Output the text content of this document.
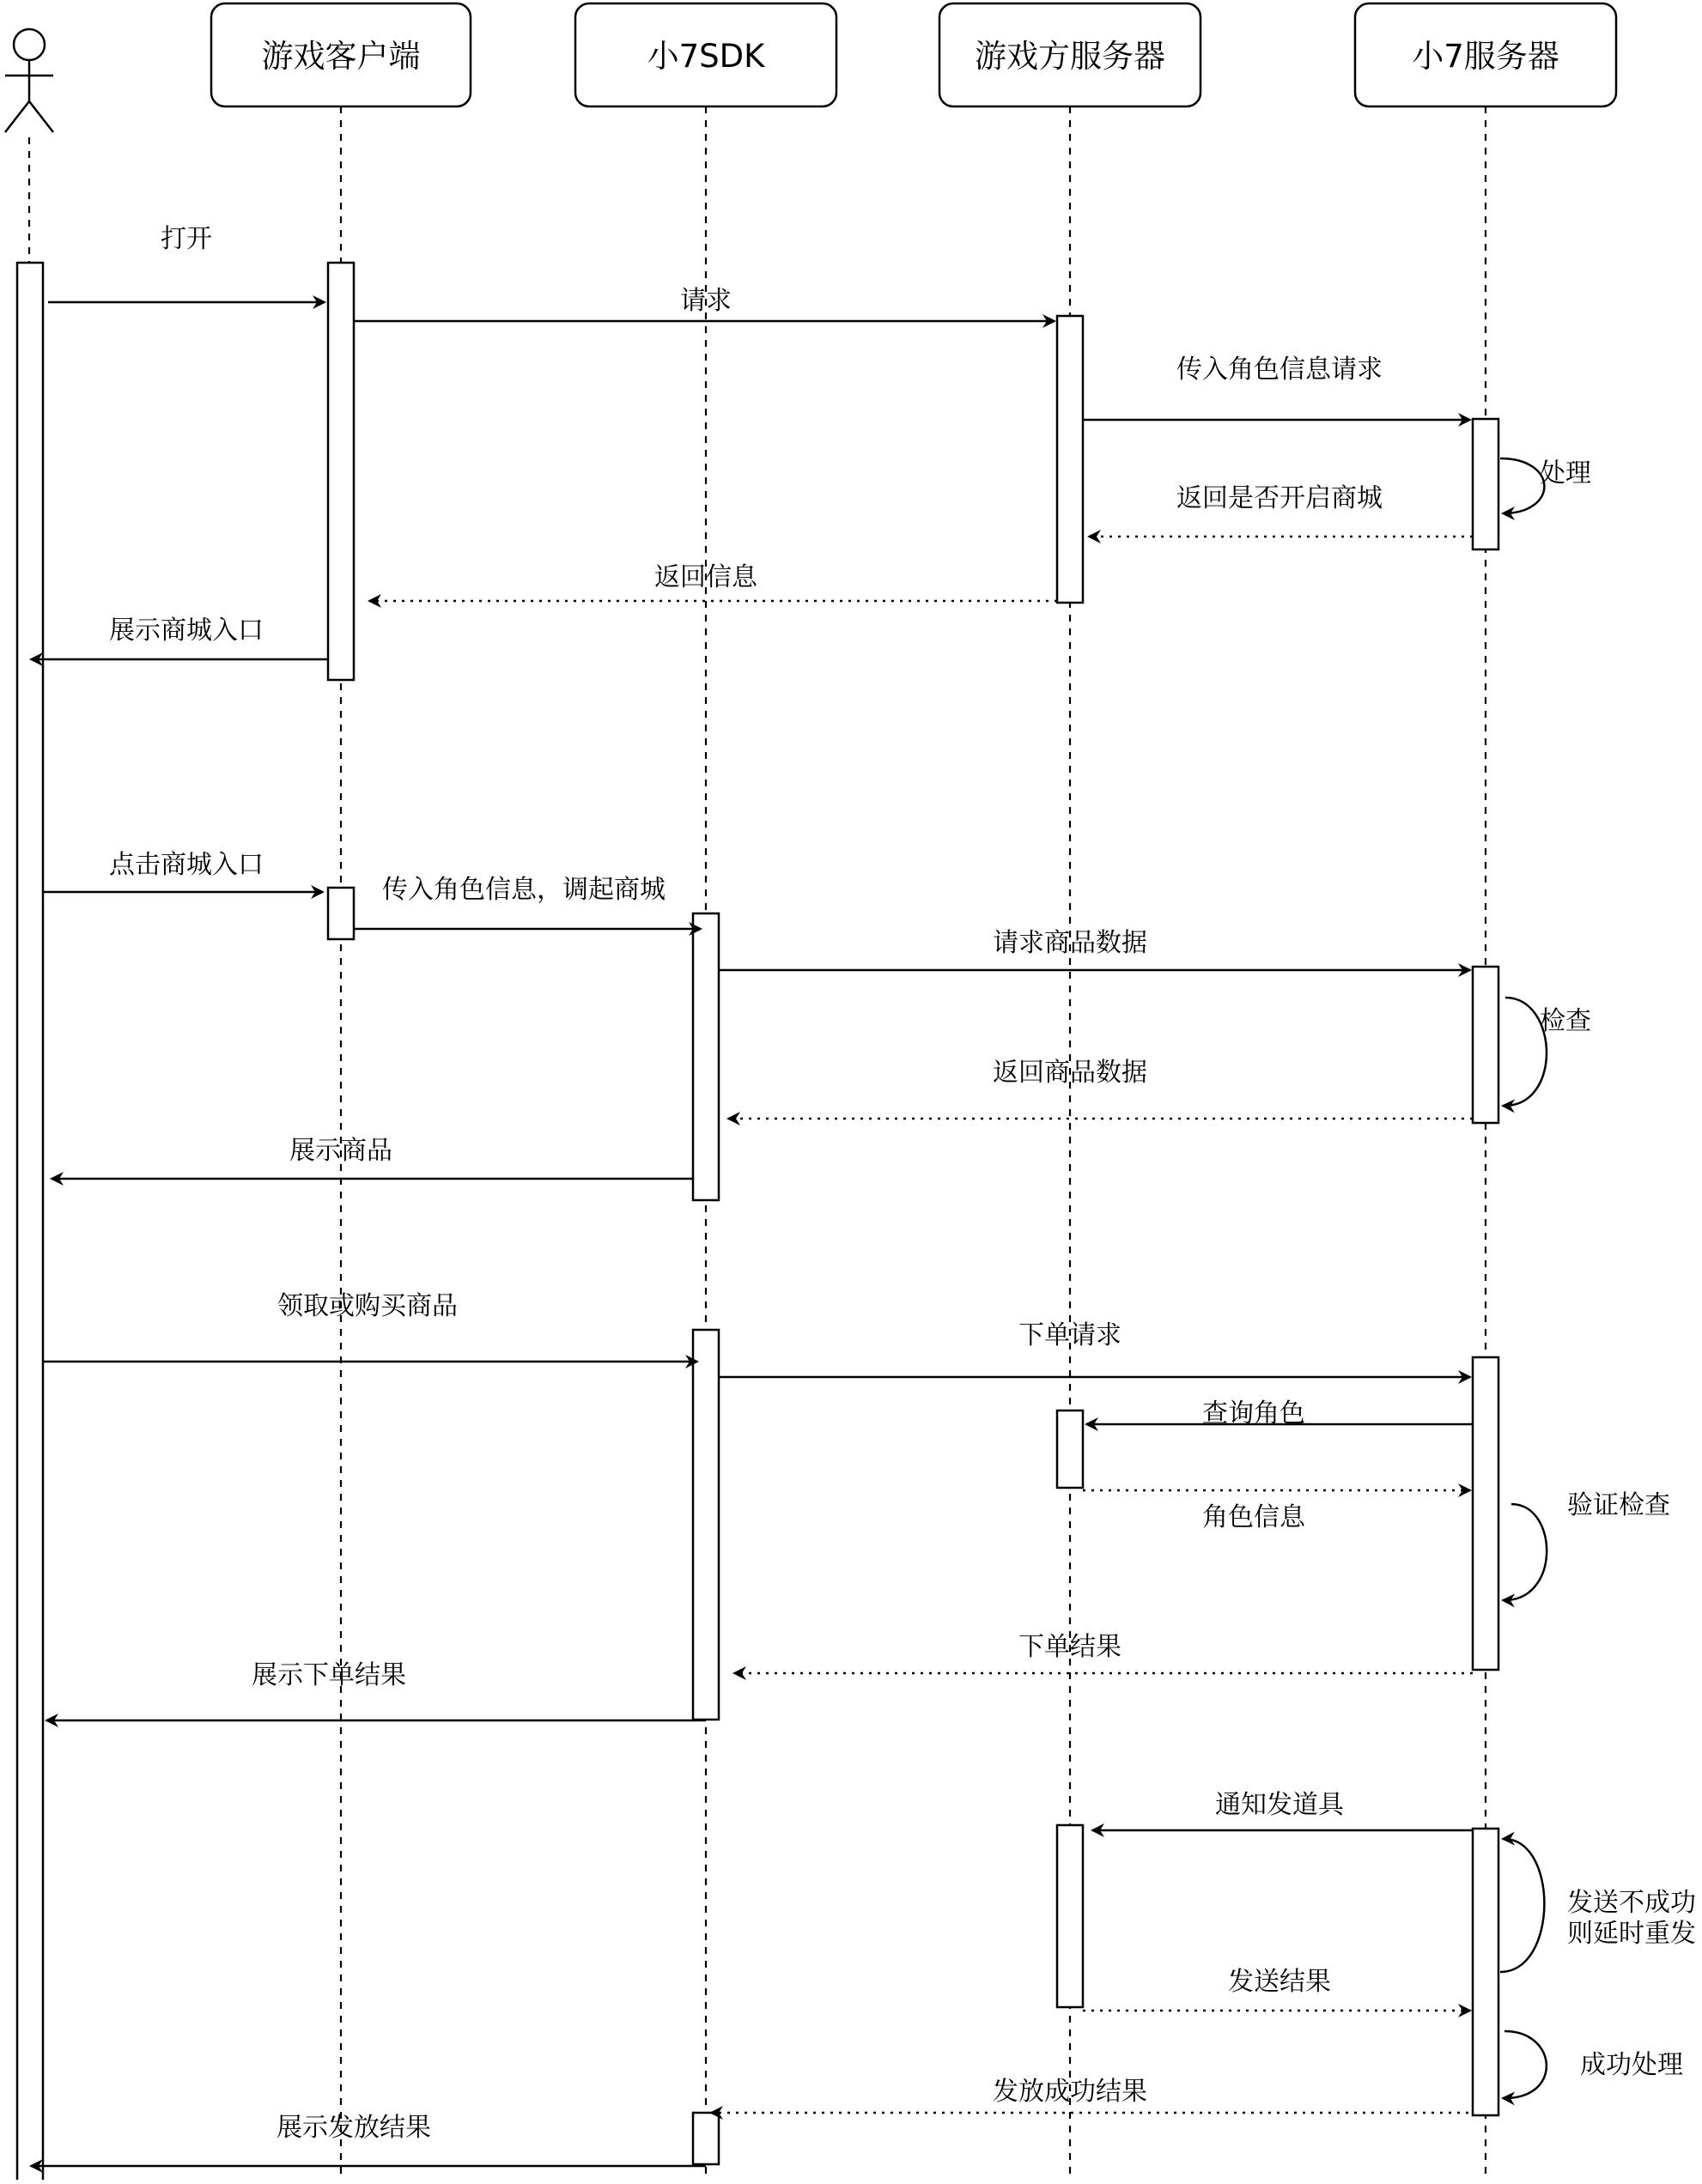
游戏客户端	小7SDK	游戏方服务器	小7服务器
打开
请求
传入角色信息请求
处理
返回是否开启商城
返回信息
展示商城入口
点击商城入口
传入角色信息，调起商城
请求商品数据
检查
返回商品数据
展示商品
领取或购买商品
下单请求
查询角色
角色信息	验证检查
下单结果
展示下单结果
通知发道具
发送不成功 则延时重发
发送结果
成功处理
发放成功结果
展示发放结果
